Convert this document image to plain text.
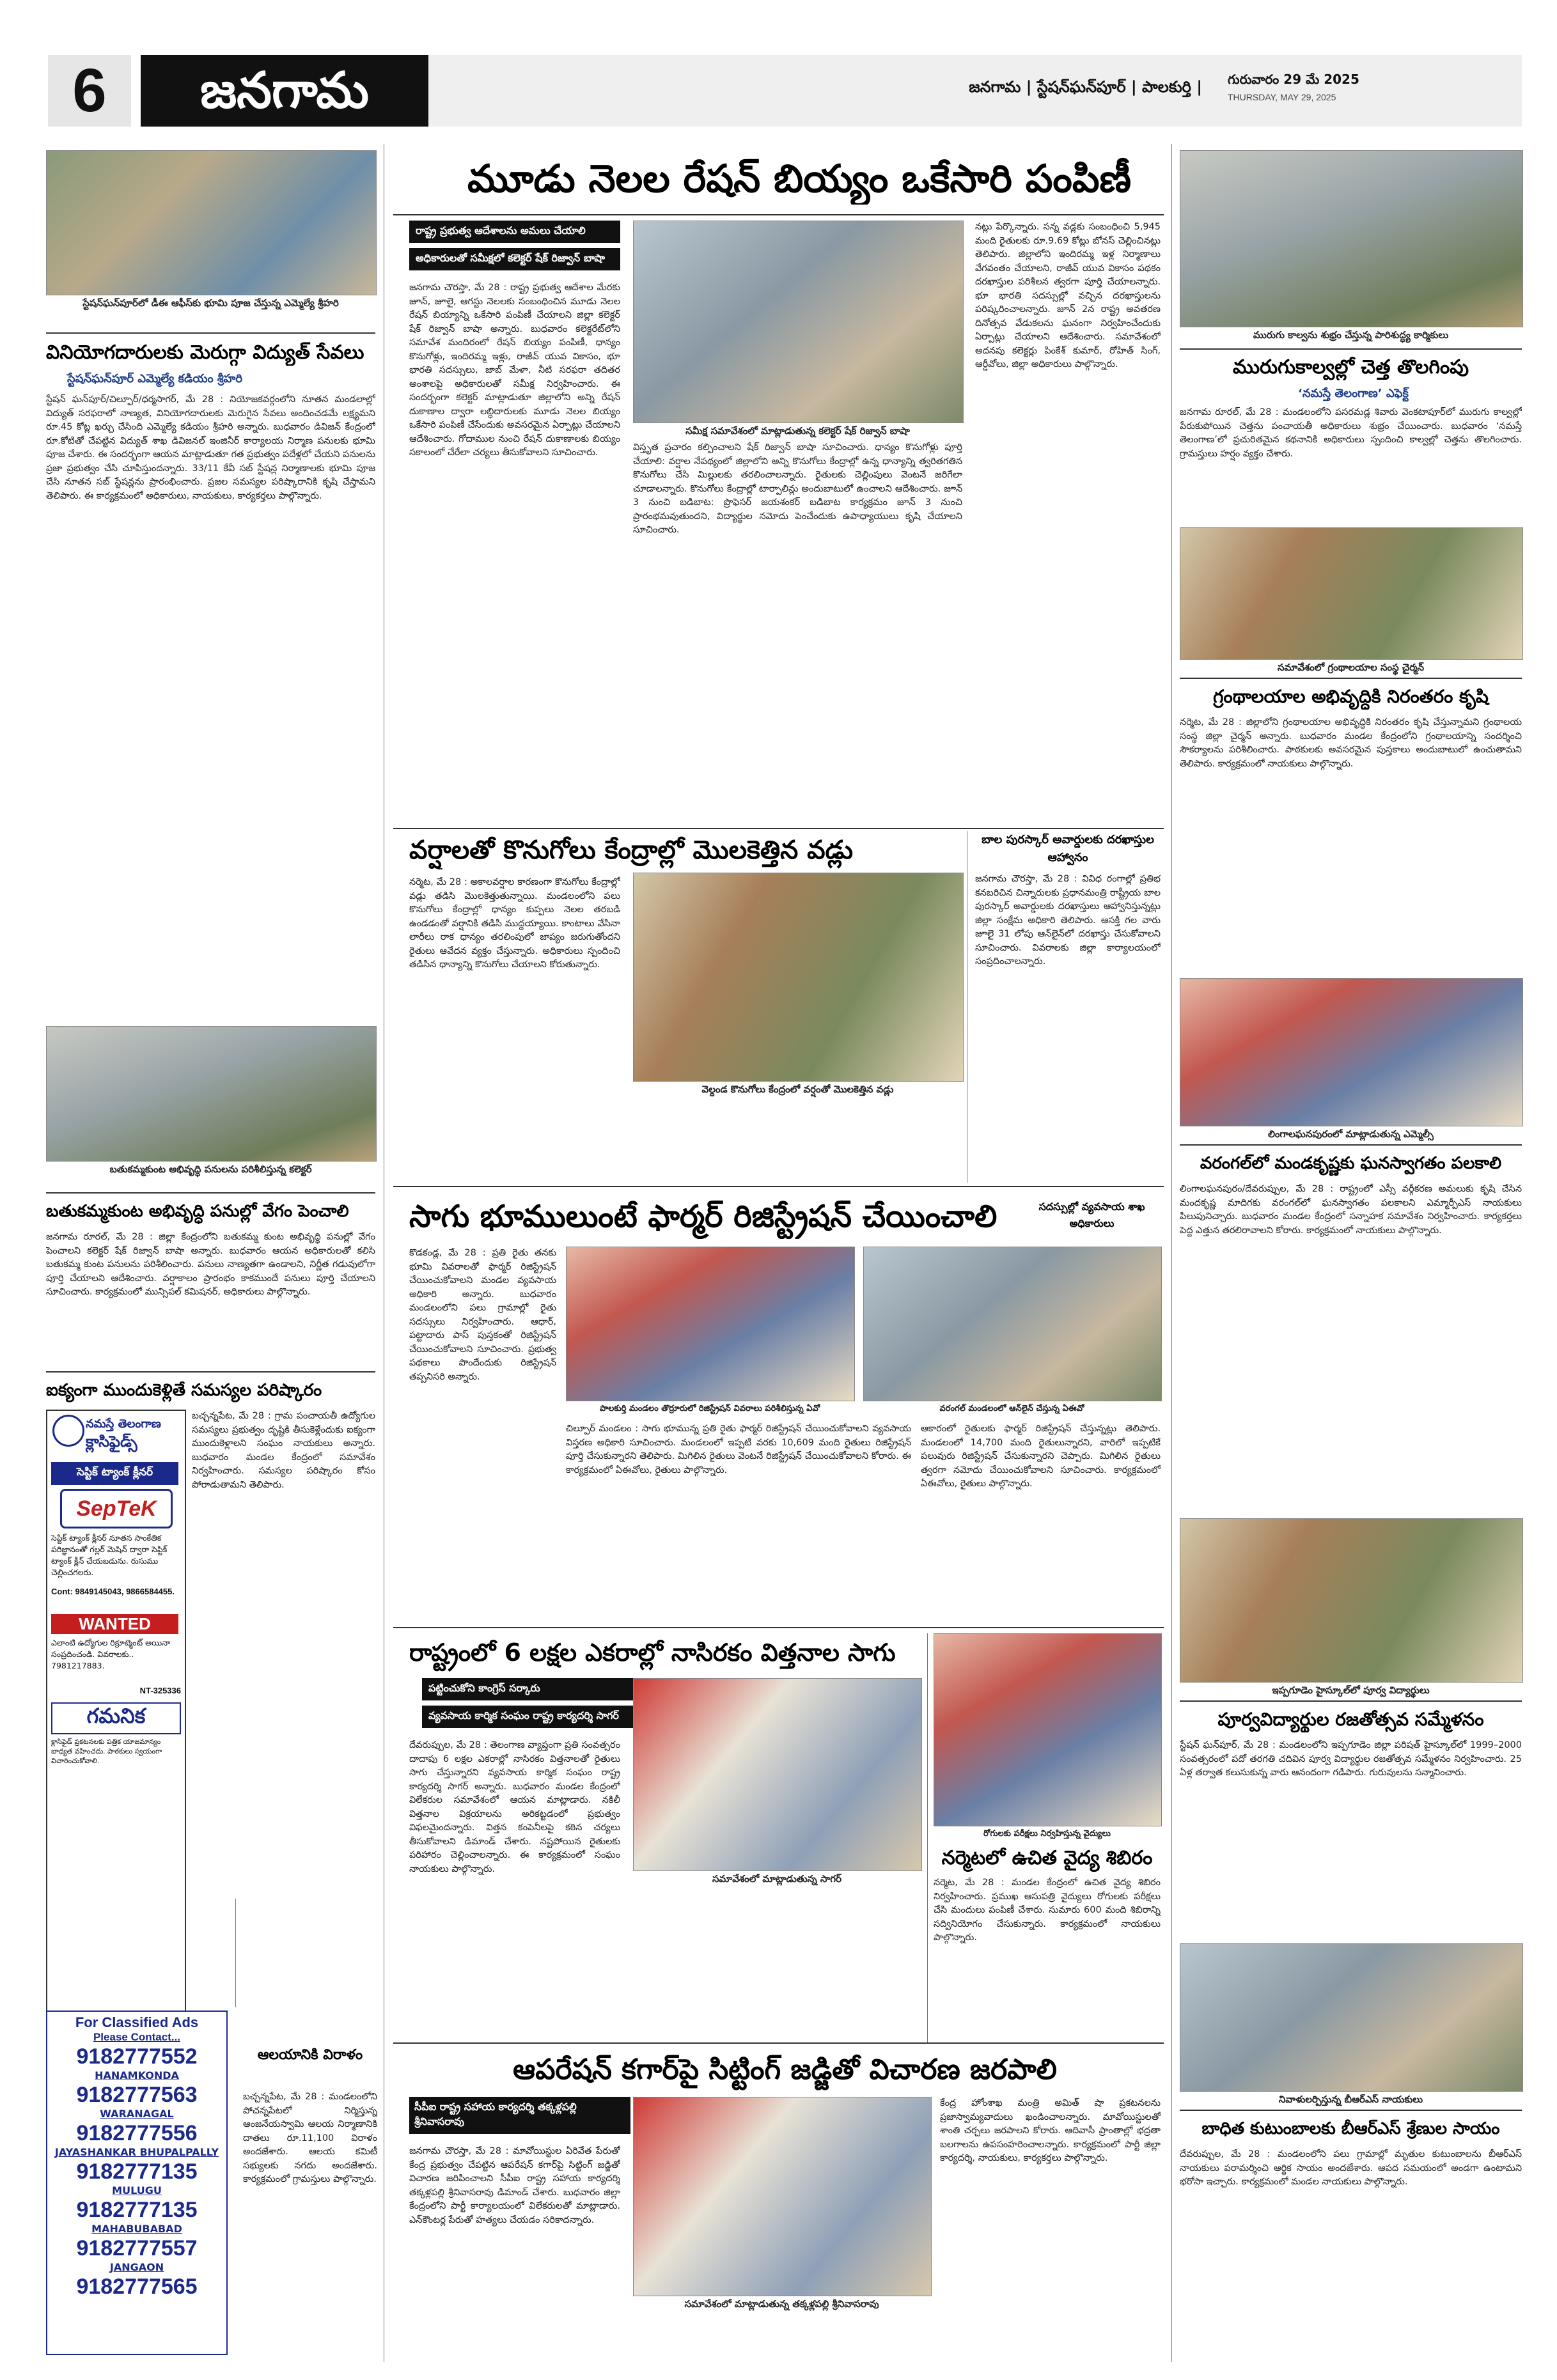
6	జనగామ	జనగామ | స్టేషన్‌ఘన్‌పూర్ | పాలకుర్తి |	గురువారం 29 మే 2025
THURSDAY, MAY 29, 2025
స్టేషన్‌ఘన్‌పూర్‌లో డీఈ ఆఫీస్‌కు భూమి పూజ చేస్తున్న ఎమ్మెల్యే శ్రీహరి
వినియోగదారులకు మెరుగ్గా విద్యుత్ సేవలు
స్టేషన్‌ఘన్‌పూర్ ఎమ్మెల్యే కడియం శ్రీహరి
స్టేషన్ ఘన్‌పూర్/చిల్పూర్/ధర్మసాగర్, మే 28 : నియోజకవర్గంలోని నూతన మండలాల్లో విద్యుత్ సరఫరాలో నాణ్యత, వినియోగదారులకు మెరుగైన సేవలు అందించడమే లక్ష్యమని రూ.45 కోట్ల ఖర్చు చేసింది ఎమ్మెల్యే కడియం శ్రీహరి అన్నారు. బుధవారం డివిజన్ కేంద్రంలో రూ.కోటితో చేపట్టిన విద్యుత్ శాఖ డివిజనల్ ఇంజినీర్ కార్యాలయ నిర్మాణ పనులకు భూమి పూజ చేశారు. ఈ సందర్భంగా ఆయన మాట్లాడుతూ గత ప్రభుత్వం పదేళ్లలో చేయని పనులను ప్రజా ప్రభుత్వం చేసి చూపిస్తుందన్నారు. 33/11 కేవీ సబ్ స్టేషన్ల నిర్మాణాలకు భూమి పూజ చేసి నూతన సబ్ స్టేషన్లను ప్రారంభించారు. ప్రజల సమస్యల పరిష్కారానికి కృషి చేస్తామని తెలిపారు. ఈ కార్యక్రమంలో అధికారులు, నాయకులు, కార్యకర్తలు పాల్గొన్నారు.
బతుకమ్మకుంట అభివృద్ధి పనులను పరిశీలిస్తున్న కలెక్టర్
బతుకమ్మకుంట అభివృద్ధి పనుల్లో వేగం పెంచాలి
జనగామ రూరల్, మే 28 : జిల్లా కేంద్రంలోని బతుకమ్మ కుంట అభివృద్ధి పనుల్లో వేగం పెంచాలని కలెక్టర్ షేక్ రిజ్వాన్ బాషా అన్నారు. బుధవారం ఆయన అధికారులతో కలిసి బతుకమ్మ కుంట పనులను పరిశీలించారు. పనులు నాణ్యతగా ఉండాలని, నిర్ణీత గడువులోగా పూర్తి చేయాలని ఆదేశించారు. వర్షాకాలం ప్రారంభం కాకముందే పనులు పూర్తి చేయాలని సూచించారు. కార్యక్రమంలో మున్సిపల్ కమిషనర్, అధికారులు పాల్గొన్నారు.
ఐక్యంగా ముందుకెళ్లితే సమస్యల పరిష్కారం
బచ్చన్నపేట, మే 28 : గ్రామ పంచాయతీ ఉద్యోగుల సమస్యలు ప్రభుత్వం దృష్టికి తీసుకెళ్లేందుకు ఐక్యంగా ముందుకెళ్లాలని సంఘం నాయకులు అన్నారు. బుధవారం మండల కేంద్రంలో సమావేశం నిర్వహించారు. సమస్యల పరిష్కారం కోసం పోరాడుతామని తెలిపారు.
నమస్తే తెలంగాణ
క్లాసిఫైడ్స్
సెప్టిక్ ట్యాంక్ క్లీనర్
SepTeK
సెప్టిక్ ట్యాంక్ క్లీనర్ నూతన సాంకేతిక పరిజ్ఞానంతో గల్లర్ మెషిన్ ద్వారా సెప్టిక్ ట్యాంక్ క్లీన్ చేయబడును. రుసుము చెల్లించగలరు.
Cont: 9849145043, 9866584455.
WANTED
ఎలాంటి ఉద్యోగుల రిక్రూట్మెంట్ అయినా సంప్రదించండి. వివరాలకు.. 7981217883.
NT-325336
గమనిక
క్లాసిఫైడ్ ప్రకటనలకు పత్రిక యాజమాన్యం బాధ్యత వహించదు. పాఠకులు స్వయంగా విచారించుకోవాలి.
For Classified Ads
Please Contact...
9182777552
HANAMKONDA
9182777563
WARANAGAL
9182777556
JAYASHANKAR BHUPALPALLY
9182777135
MULUGU
9182777135
MAHABUBABAD
9182777557
JANGAON
9182777565
మూడు నెలల రేషన్ బియ్యం ఒకేసారి పంపిణీ
రాష్ట్ర ప్రభుత్వ ఆదేశాలను అమలు చేయాలి
అధికారులతో సమీక్షలో కలెక్టర్ షేక్ రిజ్వాన్ బాషా
సమీక్ష సమావేశంలో మాట్లాడుతున్న కలెక్టర్ షేక్ రిజ్వాన్ బాషా
జనగామ చౌరస్తా, మే 28 : రాష్ట్ర ప్రభుత్వ ఆదేశాల మేరకు జూన్, జూలై, ఆగస్టు నెలలకు సంబంధించిన మూడు నెలల రేషన్ బియ్యాన్ని ఒకేసారి పంపిణీ చేయాలని జిల్లా కలెక్టర్ షేక్ రిజ్వాన్ బాషా అన్నారు. బుధవారం కలెక్టరేట్‌లోని సమావేశ మందిరంలో రేషన్ బియ్యం పంపిణీ, ధాన్యం కొనుగోళ్లు, ఇందిరమ్మ ఇళ్లు, రాజీవ్ యువ వికాసం, భూ భారతి సదస్సులు, జాబ్ మేళా, నీటి సరఫరా తదితర అంశాలపై అధికారులతో సమీక్ష నిర్వహించారు. ఈ సందర్భంగా కలెక్టర్ మాట్లాడుతూ జిల్లాలోని అన్ని రేషన్ దుకాణాల ద్వారా లబ్ధిదారులకు మూడు నెలల బియ్యం ఒకేసారి పంపిణీ చేసేందుకు అవసరమైన ఏర్పాట్లు చేయాలని ఆదేశించారు. గోదాముల నుంచి రేషన్ దుకాణాలకు బియ్యం సకాలంలో చేరేలా చర్యలు తీసుకోవాలని సూచించారు.	విస్తృత ప్రచారం కల్పించాలని షేక్ రిజ్వాన్ బాషా సూచించారు. ధాన్యం కొనుగోళ్లు పూర్తి చేయాలి: వర్షాల నేపథ్యంలో జిల్లాలోని అన్ని కొనుగోలు కేంద్రాల్లో ఉన్న ధాన్యాన్ని త్వరితగతిన కొనుగోలు చేసి మిల్లులకు తరలించాలన్నారు. రైతులకు చెల్లింపులు వెంటనే జరిగేలా చూడాలన్నారు. కొనుగోలు కేంద్రాల్లో టార్పాలిన్లు అందుబాటులో ఉంచాలని ఆదేశించారు. జూన్ 3 నుంచి బడిబాట: ప్రొఫెసర్ జయశంకర్ బడిబాట కార్యక్రమం జూన్ 3 నుంచి ప్రారంభమవుతుందని, విద్యార్థుల నమోదు పెంచేందుకు ఉపాధ్యాయులు కృషి చేయాలని సూచించారు.
నట్లు పేర్కొన్నారు. సన్న వడ్లకు సంబంధించి 5,945 మంది రైతులకు రూ.9.69 కోట్లు బోనస్ చెల్లించినట్లు తెలిపారు. జిల్లాలోని ఇందిరమ్మ ఇళ్ల నిర్మాణాలు వేగవంతం చేయాలని, రాజీవ్ యువ వికాసం పథకం దరఖాస్తుల పరిశీలన త్వరగా పూర్తి చేయాలన్నారు. భూ భారతి సదస్సుల్లో వచ్చిన దరఖాస్తులను పరిష్కరించాలన్నారు. జూన్ 2న రాష్ట్ర అవతరణ దినోత్సవ వేడుకలను ఘనంగా నిర్వహించేందుకు ఏర్పాట్లు చేయాలని ఆదేశించారు. సమావేశంలో అదనపు కలెక్టర్లు పింకేశ్ కుమార్, రోహిత్ సింగ్, ఆర్డీవోలు, జిల్లా అధికారులు పాల్గొన్నారు.
మురుగు కాల్వను శుభ్రం చేస్తున్న పారిశుద్ధ్య కార్మికులు
మురుగుకాల్వల్లో చెత్త తొలగింపు
‘నమస్తే తెలంగాణ’ ఎఫెక్ట్
జనగామ రూరల్, మే 28 : మండలంలోని పసరమడ్ల శివారు వెంకటాపూర్‌లో మురుగు కాల్వల్లో పేరుకుపోయిన చెత్తను పంచాయతీ అధికారులు శుభ్రం చేయించారు. బుధవారం ‘నమస్తే తెలంగాణ’లో ప్రచురితమైన కథనానికి అధికారులు స్పందించి కాల్వల్లో చెత్తను తొలగించారు. గ్రామస్తులు హర్షం వ్యక్తం చేశారు.
సమావేశంలో గ్రంథాలయాల సంస్థ చైర్మన్
గ్రంథాలయాల అభివృద్ధికి నిరంతరం కృషి
నర్మెట, మే 28 : జిల్లాలోని గ్రంథాలయాల అభివృద్ధికి నిరంతరం కృషి చేస్తున్నామని గ్రంథాలయ సంస్థ జిల్లా చైర్మన్ అన్నారు. బుధవారం మండల కేంద్రంలోని గ్రంథాలయాన్ని సందర్శించి సౌకర్యాలను పరిశీలించారు. పాఠకులకు అవసరమైన పుస్తకాలు అందుబాటులో ఉంచుతామని తెలిపారు. కార్యక్రమంలో నాయకులు పాల్గొన్నారు.
లింగాలఘనపురంలో మాట్లాడుతున్న ఎమ్మెల్సీ
వరంగల్‌లో మండకృష్ణకు ఘనస్వాగతం పలకాలి
లింగాలఘనపురం/దేవరుప్పుల, మే 28 : రాష్ట్రంలో ఎస్సీ వర్గీకరణ అమలుకు కృషి చేసిన మందకృష్ణ మాదిగకు వరంగల్‌లో ఘనస్వాగతం పలకాలని ఎమ్మార్పీఎస్ నాయకులు పిలుపునిచ్చారు. బుధవారం మండల కేంద్రంలో సన్నాహక సమావేశం నిర్వహించారు. కార్యకర్తలు పెద్ద ఎత్తున తరలిరావాలని కోరారు. కార్యక్రమంలో నాయకులు పాల్గొన్నారు.
ఇప్పగూడెం హైస్కూల్‌లో పూర్వ విద్యార్థులు
పూర్వవిద్యార్థుల రజతోత్సవ సమ్మేళనం
స్టేషన్ ఘన్‌పూర్, మే 28 : మండలంలోని ఇప్పగూడెం జిల్లా పరిషత్ హైస్కూల్‌లో 1999–2000 సంవత్సరంలో పదో తరగతి చదివిన పూర్వ విద్యార్థుల రజతోత్సవ సమ్మేళనం నిర్వహించారు. 25 ఏళ్ల తర్వాత కలుసుకున్న వారు ఆనందంగా గడిపారు. గురువులను సన్మానించారు.
నివాళులర్పిస్తున్న బీఆర్‌ఎస్ నాయకులు
బాధిత కుటుంబాలకు బీఆర్‌ఎస్ శ్రేణుల సాయం
దేవరుప్పుల, మే 28 : మండలంలోని పలు గ్రామాల్లో మృతుల కుటుంబాలను బీఆర్‌ఎస్ నాయకులు పరామర్శించి ఆర్థిక సాయం అందజేశారు. ఆపద సమయంలో అండగా ఉంటామని భరోసా ఇచ్చారు. కార్యక్రమంలో మండల నాయకులు పాల్గొన్నారు.
వర్షాలతో కొనుగోలు కేంద్రాల్లో మొలకెత్తిన వడ్లు
నర్మెట, మే 28 : అకాలవర్షాల కారణంగా కొనుగోలు కేంద్రాల్లో వడ్లు తడిసి మొలకెత్తుతున్నాయి. మండలంలోని పలు కొనుగోలు కేంద్రాల్లో ధాన్యం కుప్పలు నెలల తరబడి ఉండడంతో వర్షానికి తడిసి ముద్దయ్యాయి. కాంటాలు వేసినా లారీలు రాక ధాన్యం తరలింపులో జాప్యం జరుగుతోందని రైతులు ఆవేదన వ్యక్తం చేస్తున్నారు. అధికారులు స్పందించి తడిసిన ధాన్యాన్ని కొనుగోలు చేయాలని కోరుతున్నారు.
వెల్దండ కొనుగోలు కేంద్రంలో వర్షంతో మొలకెత్తిన వడ్లు
బాల పురస్కార్ అవార్డులకు దరఖాస్తుల ఆహ్వానం
జనగామ చౌరస్తా, మే 28 : వివిధ రంగాల్లో ప్రతిభ కనబరిచిన చిన్నారులకు ప్రధానమంత్రి రాష్ట్రీయ బాల పురస్కార్ అవార్డులకు దరఖాస్తులు ఆహ్వానిస్తున్నట్లు జిల్లా సంక్షేమ అధికారి తెలిపారు. ఆసక్తి గల వారు జూలై 31 లోపు ఆన్‌లైన్‌లో దరఖాస్తు చేసుకోవాలని సూచించారు. వివరాలకు జిల్లా కార్యాలయంలో సంప్రదించాలన్నారు.
సాగు భూములుంటే ఫార్మర్ రిజిస్ట్రేషన్ చేయించాలి	సదస్సుల్లో వ్యవసాయ శాఖ అధికారులు
కొడకండ్ల, మే 28 : ప్రతి రైతు తనకు భూమి వివరాలతో ఫార్మర్ రిజిస్ట్రేషన్ చేయించుకోవాలని మండల వ్యవసాయ అధికారి అన్నారు. బుధవారం మండలంలోని పలు గ్రామాల్లో రైతు సదస్సులు నిర్వహించారు. ఆధార్, పట్టాదారు పాస్ పుస్తకంతో రిజిస్ట్రేషన్ చేయించుకోవాలని సూచించారు. ప్రభుత్వ పథకాలు పొందేందుకు రిజిస్ట్రేషన్ తప్పనిసరి అన్నారు.
పాలకుర్తి మండలం తొర్రూరులో రిజిస్ట్రేషన్ వివరాలు పరిశీలిస్తున్న ఏవో	వరంగల్ మండలంలో ఆన్‌లైన్ చేస్తున్న ఏఈవో
చిల్పూర్ మండలం : సాగు భూమున్న ప్రతి రైతు ఫార్మర్ రిజిస్ట్రేషన్ చేయించుకోవాలని వ్యవసాయ విస్తరణ అధికారి సూచించారు. మండలంలో ఇప్పటి వరకు 10,609 మంది రైతులు రిజిస్ట్రేషన్ పూర్తి చేసుకున్నారని తెలిపారు. మిగిలిన రైతులు వెంటనే రిజిస్ట్రేషన్ చేయించుకోవాలని కోరారు. ఈ కార్యక్రమంలో ఏఈవోలు, రైతులు పాల్గొన్నారు.
ఆకారంలో రైతులకు ఫార్మర్ రిజిస్ట్రేషన్ చేస్తున్నట్లు తెలిపారు. మండలంలో 14,700 మంది రైతులున్నారని, వారిలో ఇప్పటికే పలువురు రిజిస్ట్రేషన్ చేసుకున్నారని చెప్పారు. మిగిలిన రైతులు త్వరగా నమోదు చేయించుకోవాలని సూచించారు. కార్యక్రమంలో ఏఈవోలు, రైతులు పాల్గొన్నారు.
రాష్ట్రంలో 6 లక్షల ఎకరాల్లో నాసిరకం విత్తనాల సాగు
పట్టించుకోని కాంగ్రెస్ సర్కారు
వ్యవసాయ కార్మిక సంఘం రాష్ట్ర కార్యదర్శి సాగర్
దేవరుప్పుల, మే 28 : తెలంగాణ వ్యాప్తంగా ప్రతి సంవత్సరం దాదాపు 6 లక్షల ఎకరాల్లో నాసిరకం విత్తనాలతో రైతులు సాగు చేస్తున్నారని వ్యవసాయ కార్మిక సంఘం రాష్ట్ర కార్యదర్శి సాగర్ అన్నారు. బుధవారం మండల కేంద్రంలో విలేకరుల సమావేశంలో ఆయన మాట్లాడారు. నకిలీ విత్తనాల విక్రయాలను అరికట్టడంలో ప్రభుత్వం విఫలమైందన్నారు. విత్తన కంపెనీలపై కఠిన చర్యలు తీసుకోవాలని డిమాండ్ చేశారు. నష్టపోయిన రైతులకు పరిహారం చెల్లించాలన్నారు. ఈ కార్యక్రమంలో సంఘం నాయకులు పాల్గొన్నారు.
సమావేశంలో మాట్లాడుతున్న సాగర్
రోగులకు పరీక్షలు నిర్వహిస్తున్న వైద్యులు
నర్మెటలో ఉచిత వైద్య శిబిరం
నర్మెట, మే 28 : మండల కేంద్రంలో ఉచిత వైద్య శిబిరం నిర్వహించారు. ప్రముఖ ఆసుపత్రి వైద్యులు రోగులకు పరీక్షలు చేసి మందులు పంపిణీ చేశారు. సుమారు 600 మంది శిబిరాన్ని సద్వినియోగం చేసుకున్నారు. కార్యక్రమంలో నాయకులు పాల్గొన్నారు.
ఆలయానికి విరాళం
బచ్చన్నపేట, మే 28 : మండలంలోని పోచన్నపేటలో నిర్మిస్తున్న ఆంజనేయస్వామి ఆలయ నిర్మాణానికి దాతలు రూ.11,100 విరాళం అందజేశారు. ఆలయ కమిటీ సభ్యులకు నగదు అందజేశారు. కార్యక్రమంలో గ్రామస్తులు పాల్గొన్నారు.
ఆపరేషన్ కగార్‌పై సిట్టింగ్ జడ్జితో విచారణ జరపాలి
సీపీఐ రాష్ట్ర సహాయ కార్యదర్శి తక్కళ్లపల్లి శ్రీనివాసరావు
జనగామ చౌరస్తా, మే 28 : మావోయిస్టుల ఏరివేత పేరుతో కేంద్ర ప్రభుత్వం చేపట్టిన ఆపరేషన్ కగార్‌పై సిట్టింగ్ జడ్జితో విచారణ జరిపించాలని సీపీఐ రాష్ట్ర సహాయ కార్యదర్శి తక్కళ్లపల్లి శ్రీనివాసరావు డిమాండ్ చేశారు. బుధవారం జిల్లా కేంద్రంలోని పార్టీ కార్యాలయంలో విలేకరులతో మాట్లాడారు. ఎన్‌కౌంటర్ల పేరుతో హత్యలు చేయడం సరికాదన్నారు.
సమావేశంలో మాట్లాడుతున్న తక్కళ్లపల్లి శ్రీనివాసరావు
కేంద్ర హోంశాఖ మంత్రి అమిత్ షా ప్రకటనలను ప్రజాస్వామ్యవాదులు ఖండించాలన్నారు. మావోయిస్టులతో శాంతి చర్చలు జరపాలని కోరారు. ఆదివాసీ ప్రాంతాల్లో భద్రతా బలగాలను ఉపసంహరించాలన్నారు. కార్యక్రమంలో పార్టీ జిల్లా కార్యదర్శి, నాయకులు, కార్యకర్తలు పాల్గొన్నారు.
